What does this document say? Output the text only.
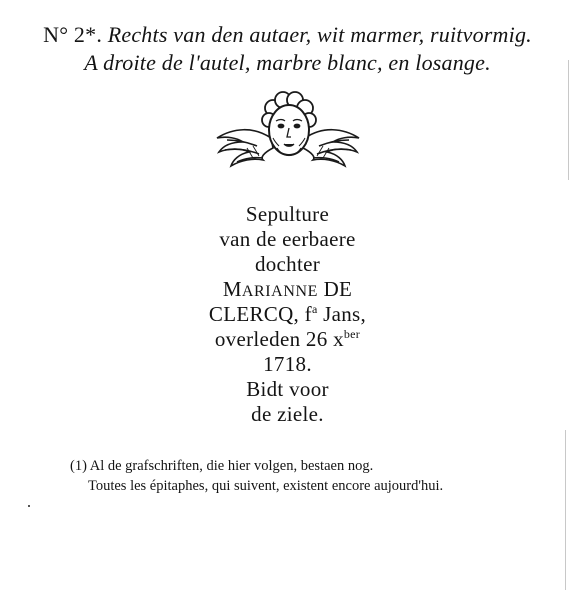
N° 2*. Rechts van den autaer, wit marmer, ruitvormig.
A droite de l'autel, marbre blanc, en losange.
Sepulture
van de eerbaere
dochter
MARIANNE DE
CLERCQ, $f^a$ Jans,
overleden 26 $x^{ber}$
1718.
Bidt voor
de ziele.
(1) Al de grafschriften, die hier volgen, bestaen nog.
Toutes les épitaphes, qui suivent, existent encore aujourd'hui.
